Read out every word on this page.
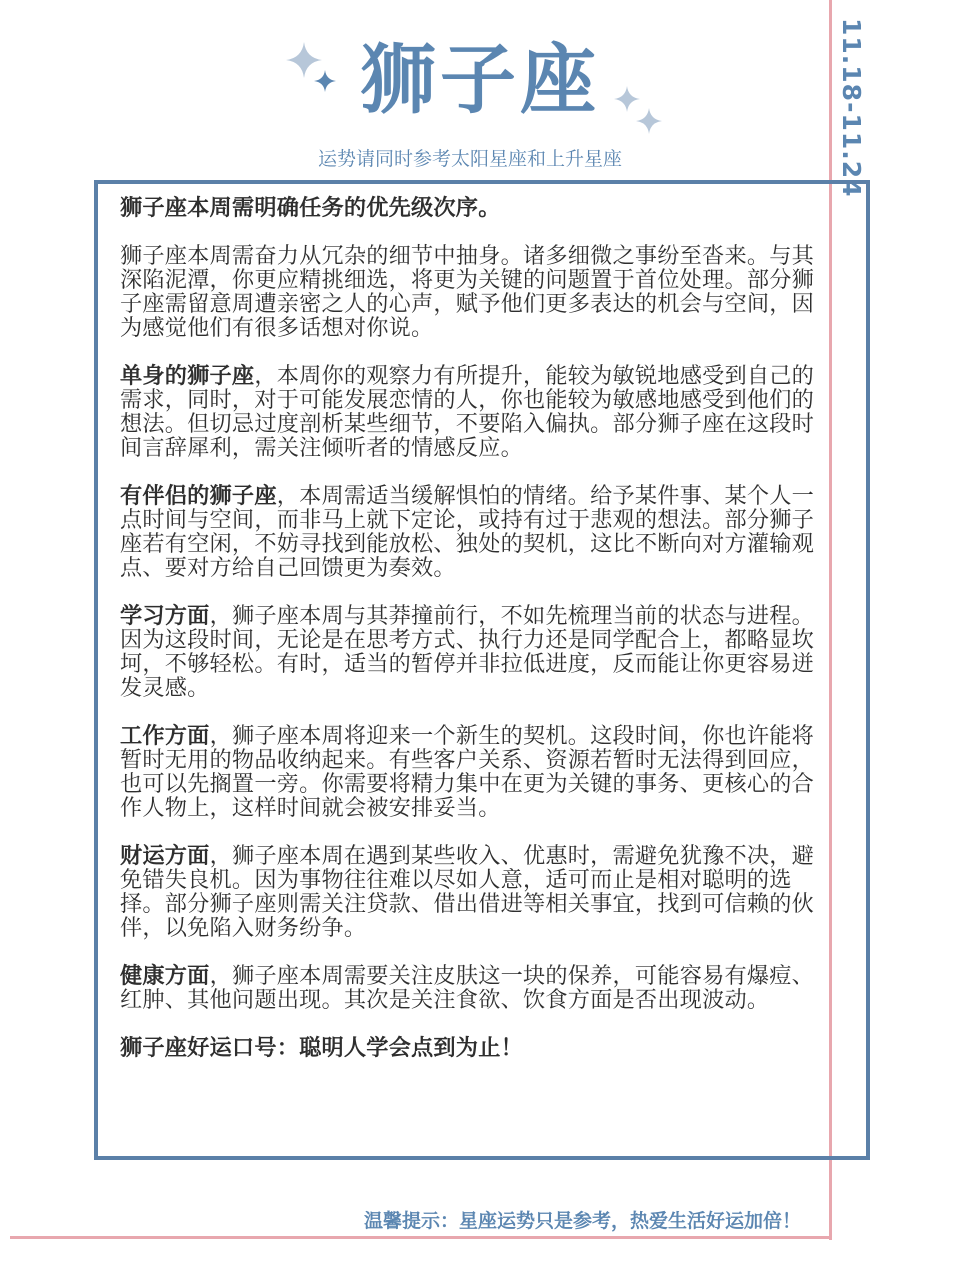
狮子座
运势请同时参考太阳星座和上升星座	11.18-11.24

狮子座本周需明确任务的优先级次序。

狮子座本周需奋力从冗杂的细节中抽身。诸多细微之事纷至沓来。与其深陷泥潭，你更应精挑细选，将更为关键的问题置于首位处理。部分狮子座需留意周遭亲密之人的心声，赋予他们更多表达的机会与空间，因为感觉他们有很多话想对你说。

单身的狮子座，本周你的观察力有所提升，能较为敏锐地感受到自己的需求，同时，对于可能发展恋情的人，你也能较为敏感地感受到他们的想法。但切忌过度剖析某些细节，不要陷入偏执。部分狮子座在这段时间言辞犀利，需关注倾听者的情感反应。

有伴侣的狮子座，本周需适当缓解惧怕的情绪。给予某件事、某个人一点时间与空间，而非马上就下定论，或持有过于悲观的想法。部分狮子座若有空闲，不妨寻找到能放松、独处的契机，这比不断向对方灌输观点、要对方给自己回馈更为奏效。

学习方面，狮子座本周与其莽撞前行，不如先梳理当前的状态与进程。因为这段时间，无论是在思考方式、执行力还是同学配合上，都略显坎坷，不够轻松。有时，适当的暂停并非拉低进度，反而能让你更容易迸发灵感。

工作方面，狮子座本周将迎来一个新生的契机。这段时间，你也许能将暂时无用的物品收纳起来。有些客户关系、资源若暂时无法得到回应，也可以先搁置一旁。你需要将精力集中在更为关键的事务、更核心的合作人物上，这样时间就会被安排妥当。

财运方面，狮子座本周在遇到某些收入、优惠时，需避免犹豫不决，避免错失良机。因为事物往往难以尽如人意，适可而止是相对聪明的选择。部分狮子座则需关注贷款、借出借进等相关事宜，找到可信赖的伙伴，以免陷入财务纷争。

健康方面，狮子座本周需要关注皮肤这一块的保养，可能容易有爆痘、红肿、其他问题出现。其次是关注食欲、饮食方面是否出现波动。

狮子座好运口号：聪明人学会点到为止！

温馨提示：星座运势只是参考，热爱生活好运加倍！
